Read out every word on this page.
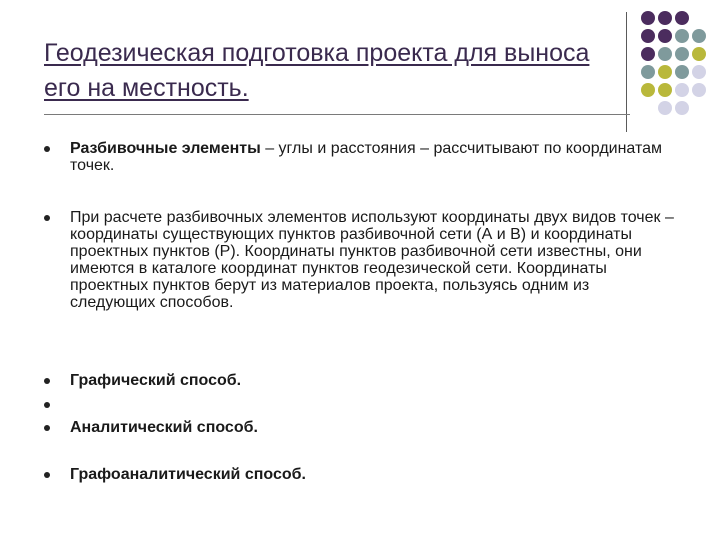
Геодезическая подготовка проекта для выноса его на местность.
Разбивочные элементы – углы и расстояния – рассчитывают по координатам точек.
При расчете разбивочных элементов используют координаты двух видов точек – координаты существующих пунктов разбивочной сети (А и В) и координаты проектных пунктов (Р). Координаты пунктов разбивочной сети известны, они имеются в каталоге координат пунктов геодезической сети. Координаты проектных пунктов берут из материалов проекта, пользуясь одним из следующих способов.
Графический способ.
Аналитический способ.
Графоаналитический способ.
